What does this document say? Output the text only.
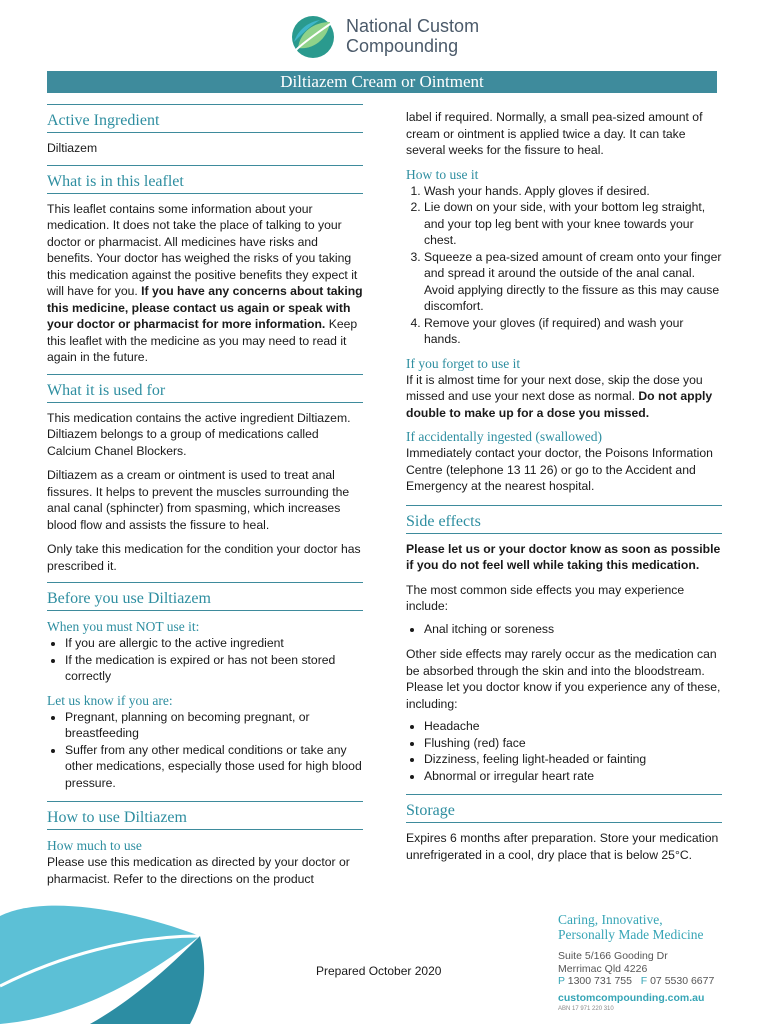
National Custom
Compounding
Diltiazem Cream or Ointment
Active Ingredient

Diltiazem

What is in this leaflet

This leaflet contains some information about your medication. It does not take the place of talking to your doctor or pharmacist. All medicines have risks and benefits. Your doctor has weighed the risks of you taking this medication against the positive benefits they expect it will have for you. If you have any concerns about taking this medicine, please contact us again or speak with your doctor or pharmacist for more information. Keep this leaflet with the medicine as you may need to read it again in the future.

What it is used for

This medication contains the active ingredient Diltiazem. Diltiazem belongs to a group of medications called Calcium Chanel Blockers.

Diltiazem as a cream or ointment is used to treat anal fissures. It helps to prevent the muscles surrounding the anal canal (sphincter) from spasming, which increases blood flow and assists the fissure to heal.

Only take this medication for the condition your doctor has prescribed it.

Before you use Diltiazem
When you must NOT use it:
• If you are allergic to the active ingredient
• If the medication is expired or has not been stored correctly
Let us know if you are:
• Pregnant, planning on becoming pregnant, or breastfeeding
• Suffer from any other medical conditions or take any other medications, especially those used for high blood pressure.
How to use Diltiazem
How much to use

Please use this medication as directed by your doctor or pharmacist. Refer to the directions on the product

label if required. Normally, a small pea-sized amount of cream or ointment is applied twice a day. It can take several weeks for the fissure to heal.

How to use it
1. Wash your hands. Apply gloves if desired.
2. Lie down on your side, with your bottom leg straight, and your top leg bent with your knee towards your chest.
3. Squeeze a pea-sized amount of cream onto your finger and spread it around the outside of the anal canal. Avoid applying directly to the fissure as this may cause discomfort.
4. Remove your gloves (if required) and wash your hands.
If you forget to use it

If it is almost time for your next dose, skip the dose you missed and use your next dose as normal. Do not apply double to make up for a dose you missed.

If accidentally ingested (swallowed)

Immediately contact your doctor, the Poisons Information Centre (telephone 13 11 26) or go to the Accident and Emergency at the nearest hospital.

Side effects

Please let us or your doctor know as soon as possible if you do not feel well while taking this medication.

The most common side effects you may experience include:

• Anal itching or soreness

Other side effects may rarely occur as the medication can be absorbed through the skin and into the bloodstream. Please let you doctor know if you experience any of these, including:

• Headache
• Flushing (red) face
• Dizziness, feeling light-headed or fainting
• Abnormal or irregular heart rate
Storage

Expires 6 months after preparation. Store your medication unrefrigerated in a cool, dry place that is below 25°C.

Prepared October 2020
Caring, Innovative,
Personally Made Medicine
Suite 5/166 Gooding Dr
Merrimac Qld 4226
P 1300 731 755 F 07 5530 6677
customcompounding.com.au
ABN 17 971 220 310
